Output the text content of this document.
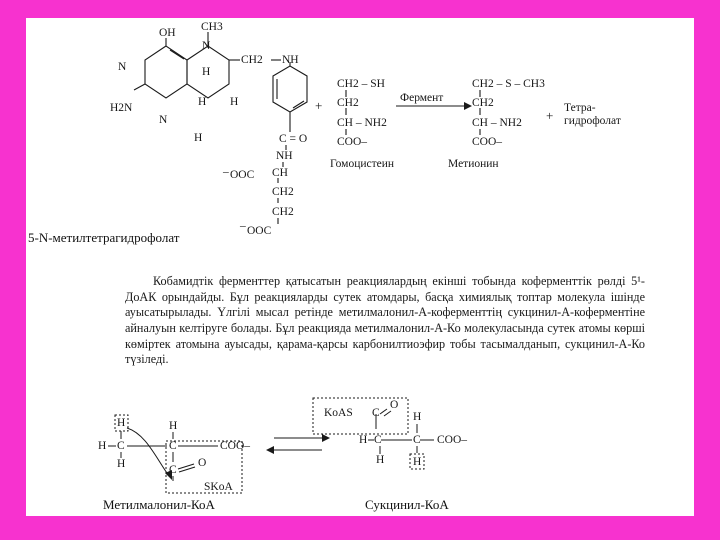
OH CH3
N
H
CH2 NH
N
H2N
N
H H
H	C = O
NH
– OOC CH
CH2
CH2
– OOC
5-N-метилтетрагидрофолат
+
CH2 – SH
CH2
CH – NH2
COO–
Гомоцистеин
Фермент
CH2 – S – CH3
CH2
CH – NH2
COO–
Метионин
+ Тетра-
гидрофолат

Кобамидтік ферменттер қатысатын реакциялардың екінші тобында коферменттік рөлді 5¹-ДоАК орындайды. Бұл реакцияларды сутек атомдары, басқа химиялық топтар молекула ішінде ауысатырылады. Үлгілі мысал ретінде метилмалонил-А-коферменттің сукцинил-А-коферментіне айналуын келтіруге болады. Бұл реакцияда метилмалонил-А-Ко молекуласында сутек атомы көрші көміртек атомына ауысады, қарама-қарсы карбонилтиоэфир тобы тасымалданып, сукцинил-А-Ко түзіледі.

H
H C
H
H
C	COO–
C
O
SKoA
Метилмалонил-КоА
KoAS C
O
H
H C	C COO–
H H
Сукцинил-КоА
